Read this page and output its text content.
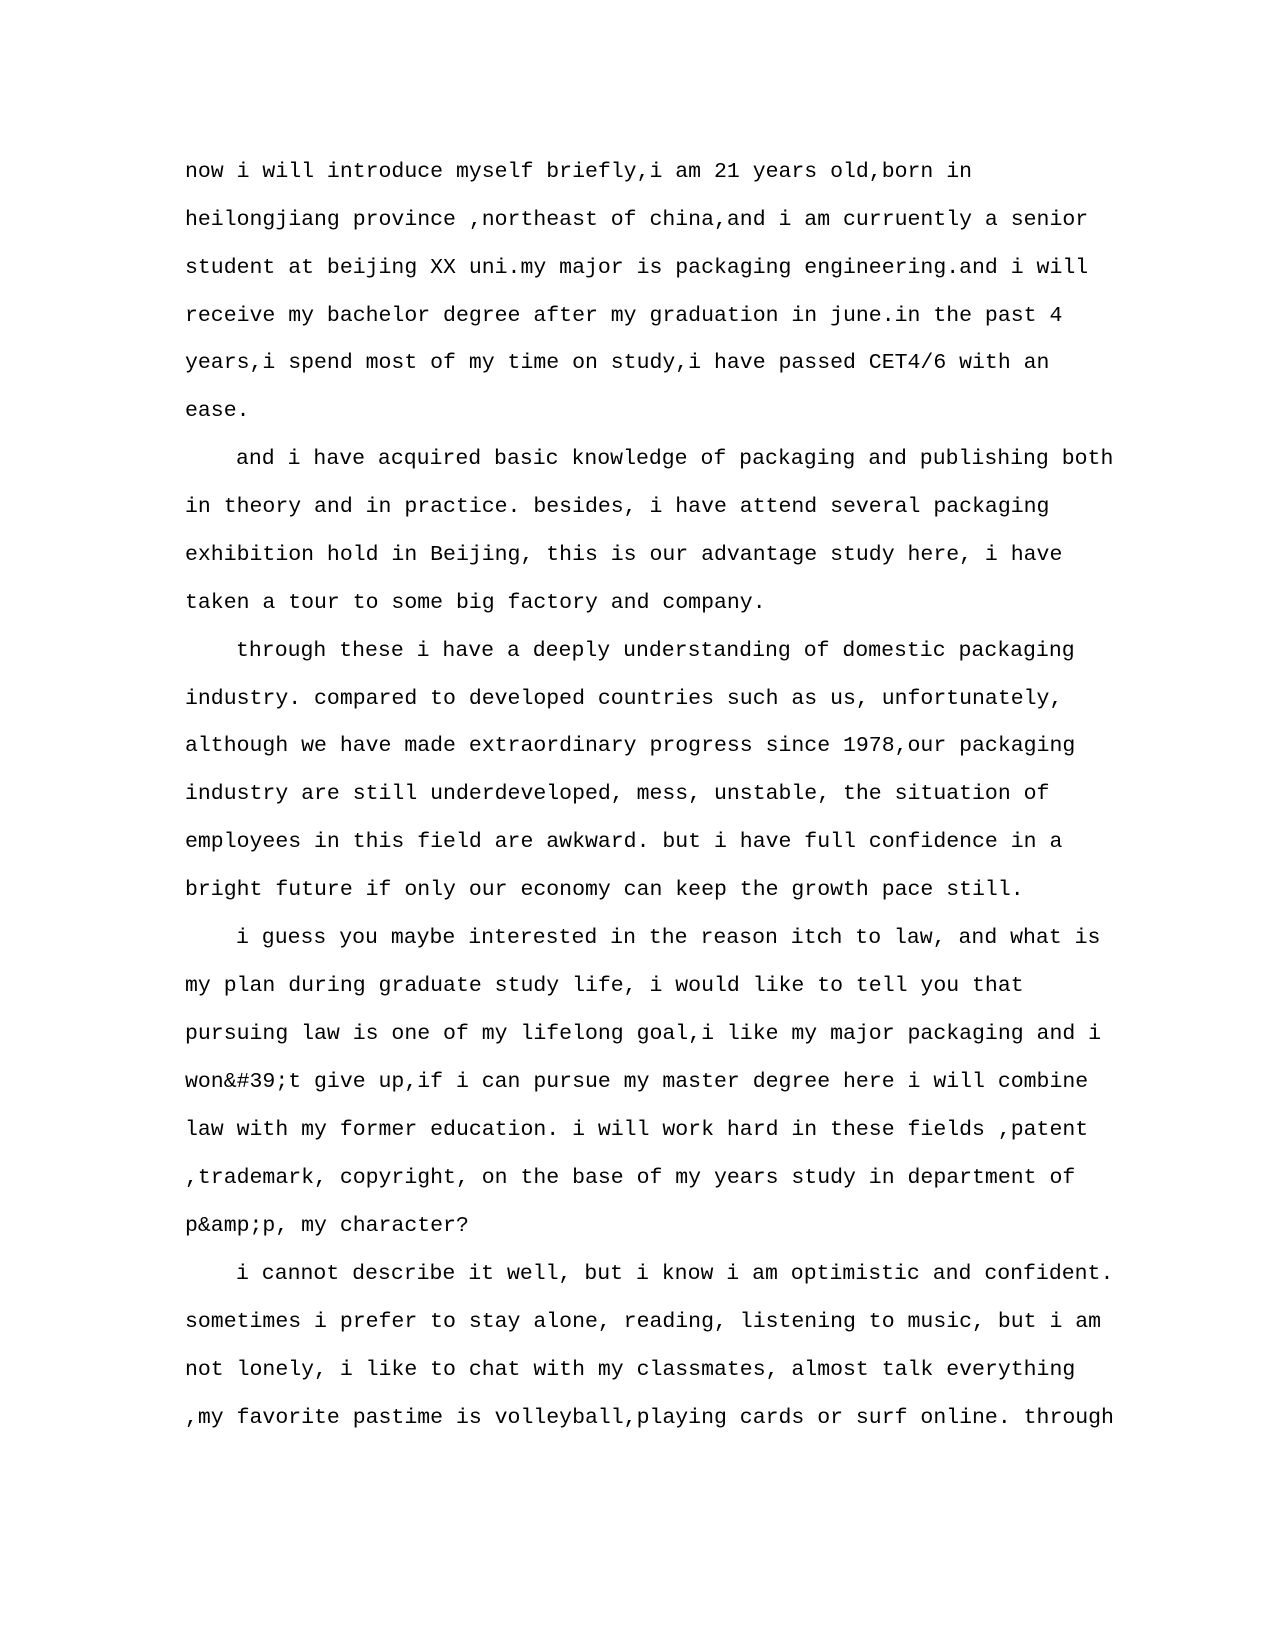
now i will introduce myself briefly,i am 21 years old,born in
heilongjiang province ,northeast of china,and i am curruently a senior
student at beijing XX uni.my major is packaging engineering.and i will
receive my bachelor degree after my graduation in june.in the past 4
years,i spend most of my time on study,i have passed CET4/6 with an
ease.
and i have acquired basic knowledge of packaging and publishing both
in theory and in practice. besides, i have attend several packaging
exhibition hold in Beijing, this is our advantage study here, i have
taken a tour to some big factory and company.
through these i have a deeply understanding of domestic packaging
industry. compared to developed countries such as us, unfortunately,
although we have made extraordinary progress since 1978,our packaging
industry are still underdeveloped, mess, unstable, the situation of
employees in this field are awkward. but i have full confidence in a
bright future if only our economy can keep the growth pace still.
i guess you maybe interested in the reason itch to law, and what is
my plan during graduate study life, i would like to tell you that
pursuing law is one of my lifelong goal,i like my major packaging and i
won&#39;t give up,if i can pursue my master degree here i will combine
law with my former education. i will work hard in these fields ,patent
,trademark, copyright, on the base of my years study in department of
p&amp;p, my character?
i cannot describe it well, but i know i am optimistic and confident.
sometimes i prefer to stay alone, reading, listening to music, but i am
not lonely, i like to chat with my classmates, almost talk everything
,my favorite pastime is volleyball,playing cards or surf online. through
